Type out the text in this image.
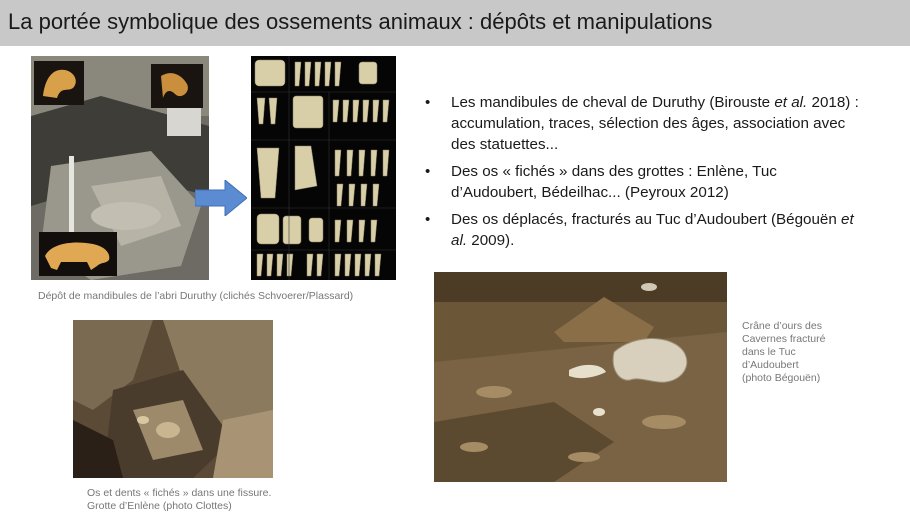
La portée symbolique des ossements animaux : dépôts et manipulations
Dépôt de mandibules de l’abri Duruthy (clichés Schvoerer/Plassard)
• Les mandibules de cheval de Duruthy (Birouste et al. 2018) : accumulation, traces, sélection des âges, association avec des statuettes...
• Des os « fichés » dans des grottes : Enlène, Tuc d’Audoubert, Bédeilhac... (Peyroux 2012)
• Des os déplacés, fracturés au Tuc d’Audoubert (Bégouën et al. 2009).
Os et dents « fichés » dans une fissure.
Grotte d’Enlène (photo Clottes)
Crâne d’ours des
Cavernes fracturé
dans le Tuc
d’Audoubert
(photo Bégouën)
